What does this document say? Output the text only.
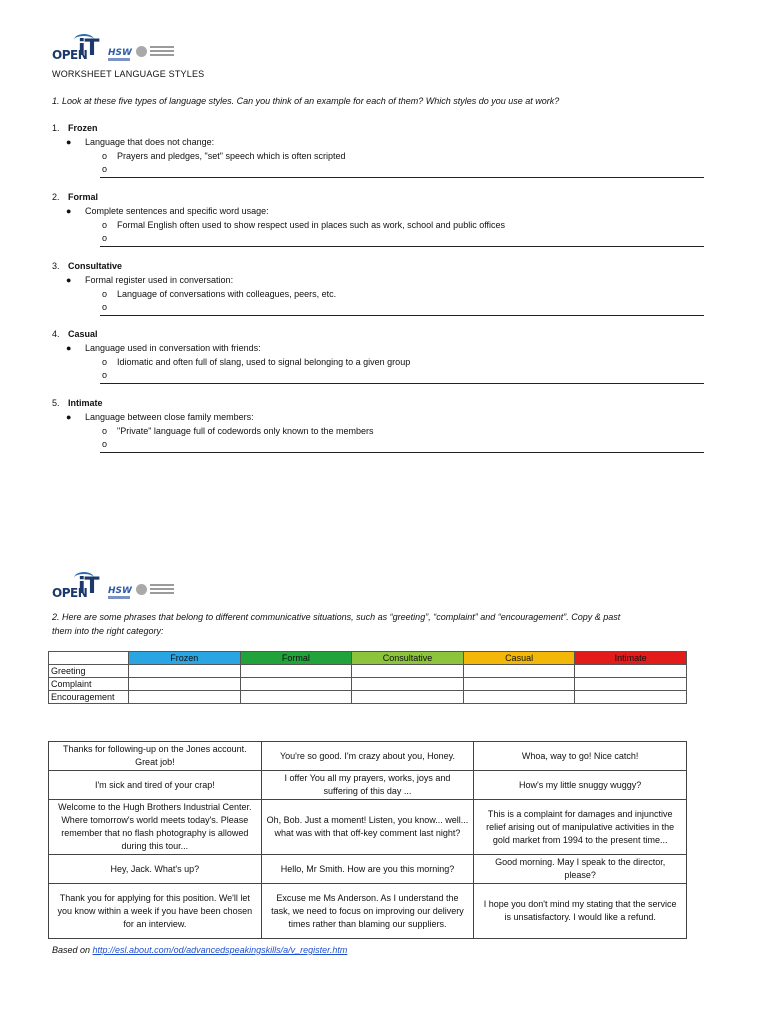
OPEN
iT HSW
WORKSHEET LANGUAGE STYLES
1. Look at these five types of language styles. Can you think of an example for each of them? Which styles do you use at work?
1. Frozen
● Language that does not change:
o Prayers and pledges, "set" speech which is often scripted
o
2. Formal
● Complete sentences and specific word usage:
o Formal English often used to show respect used in places such as work, school and public offices
o
3. Consultative
● Formal register used in conversation:
o Language of conversations with colleagues, peers, etc.
o
4. Casual
● Language used in conversation with friends:
o Idiomatic and often full of slang, used to signal belonging to a given group
o
5. Intimate
● Language between close family members:
o "Private" language full of codewords only known to the members
o
OPEN
iT HSW
2. Here are some phrases that belong to different communicative situations, such as “greeting”, “complaint” and “encouragement”. Copy & past
them into the right category:
	Frozen	Formal	Consultative	Casual	Intimate
Greeting					
Complaint					
Encouragement					
Thanks for following-up on the Jones account. Great job!	You're so good. I'm crazy about you, Honey.	Whoa, way to go! Nice catch!
I'm sick and tired of your crap!	I offer You all my prayers, works, joys and suffering of this day ...	How's my little snuggy wuggy?
Welcome to the Hugh Brothers Industrial Center. Where tomorrow's world meets today's. Please remember that no flash photography is allowed during this tour...	Oh, Bob. Just a moment! Listen, you know... well... what was with that off-key comment last night?	This is a complaint for damages and injunctive relief arising out of manipulative activities in the gold market from 1994 to the present time...
Hey, Jack. What's up?	Hello, Mr Smith. How are you this morning?	Good morning. May I speak to the director, please?
Thank you for applying for this position. We'll let you know within a week if you have been chosen for an interview.	Excuse me Ms Anderson. As I understand the task, we need to focus on improving our delivery times rather than blaming our suppliers.	I hope you don't mind my stating that the service is unsatisfactory. I would like a refund.
Based on http://esl.about.com/od/advancedspeakingskills/a/v_register.htm
